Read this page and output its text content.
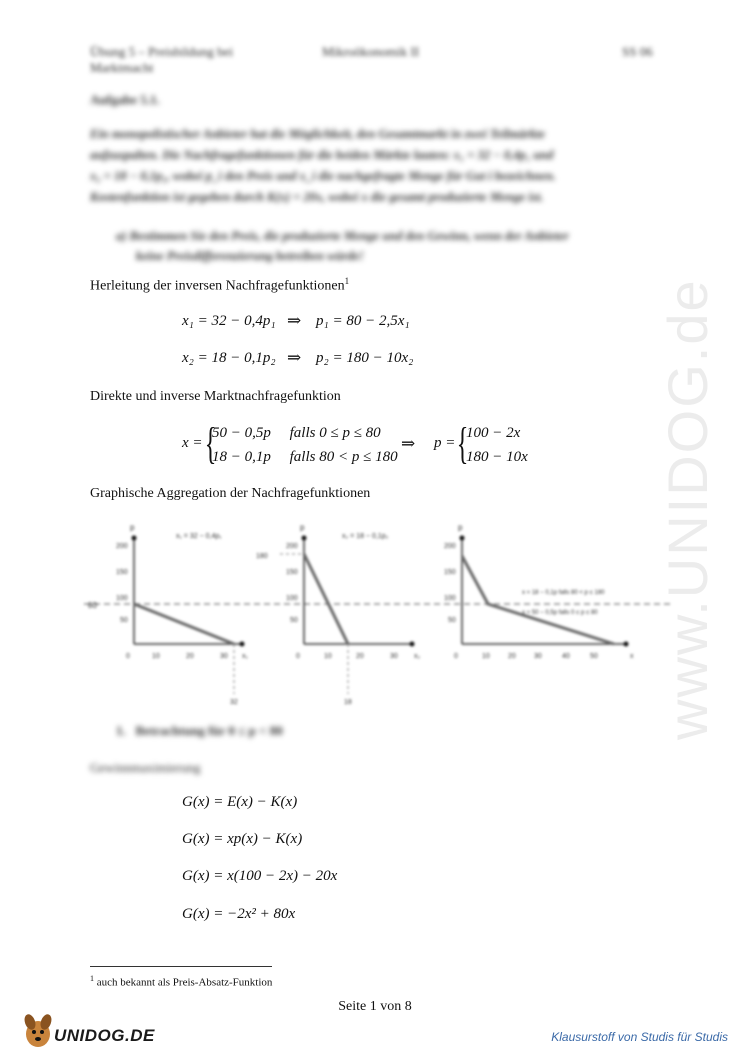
www.UNIDOG.de
Übung 5 – Preisbildung bei
Marktmacht
Mikroökonomik II	SS 06
Aufgabe 5.1.
Ein monopolistischer Anbieter hat die Möglichkeit, den Gesamtmarkt in zwei Teilmärkte
aufzuspalten. Die Nachfragefunktionen für die beiden Märkte lauten: x₁ = 32 − 0,4p₁ und
x₂ = 18 − 0,1p₂, wobei p_i den Preis und x_i die nachgefragte Menge für Gut i bezeichnen.
Kostenfunktion ist gegeben durch K(x) = 20x, wobei x die gesamt produzierte Menge ist.
a) Bestimmen Sie den Preis, die produzierte Menge und den Gewinn, wenn der Anbieter
keine Preisdifferenzierung betreiben würde!
Herleitung der inversen Nachfragefunktionen$^1$
x₁ = 32 − 0,4p₁ ⇒ p₁ = 80 − 2,5x₁
x₂ = 18 − 0,1p₂ ⇒ p₂ = 180 − 10x₂
Direkte und inverse Marktnachfragefunktion
x = {
50 − 0,5p     falls 0 ≤ p ≤ 80
18 − 0,1p     falls 80 < p ≤ 180
⇒ p = {
100 − 2x
180 − 10x
Graphische Aggregation der Nachfragefunktionen
80
p
x₁ = 32 − 0,4p₁
200
150
100
50
0	10	20	30 x₁
32
p
x₂ = 18 − 0,1p₂
180
200
150
100
50
0	10	20	30 x₂
18
p
x = 18 − 0,1p falls 80 < p ≤ 180
x = 50 − 0,5p falls 0 ≤ p ≤ 80
200
150
100
50
0	10	20	30	40	50	x
1.   Betrachtung für 0 ≤ p < 80
Gewinnmaximierung
G(x) = E(x) − K(x)
G(x) = xp(x) − K(x)
G(x) = x(100 − 2x) − 20x
G(x) = −2x² + 80x
$^1$ auch bekannt als Preis-Absatz-Funktion
Seite 1 von 8
UNIDOG.DE	Klausurstoff von Studis für Studis
